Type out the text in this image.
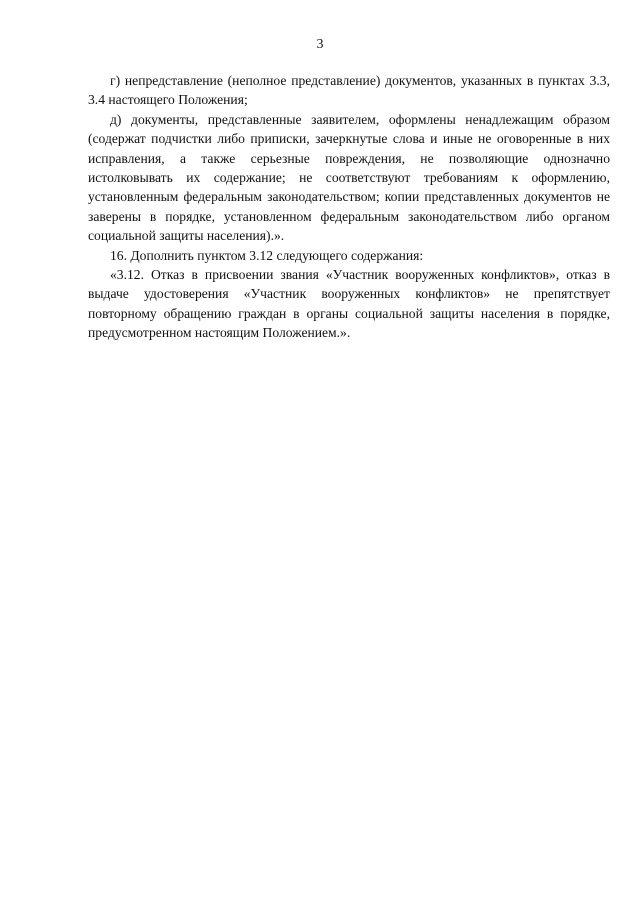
3

г) непредставление (неполное представление) документов, указанных в пунктах 3.3, 3.4 настоящего Положения;

д) документы, представленные заявителем, оформлены ненадлежащим образом (содержат подчистки либо приписки, зачеркнутые слова и иные не оговоренные в них исправления, а также серьезные повреждения, не позволяющие однозначно истолковывать их содержание; не соответствуют требованиям к оформлению, установленным федеральным законодательством; копии представленных документов не заверены в порядке, установленном федеральным законодательством либо органом социальной защиты населения).».

16. Дополнить пунктом 3.12 следующего содержания:

«3.12. Отказ в присвоении звания «Участник вооруженных конфликтов», отказ в выдаче удостоверения «Участник вооруженных конфликтов» не препятствует повторному обращению граждан в органы социальной защиты населения в порядке, предусмотренном настоящим Положением.».
